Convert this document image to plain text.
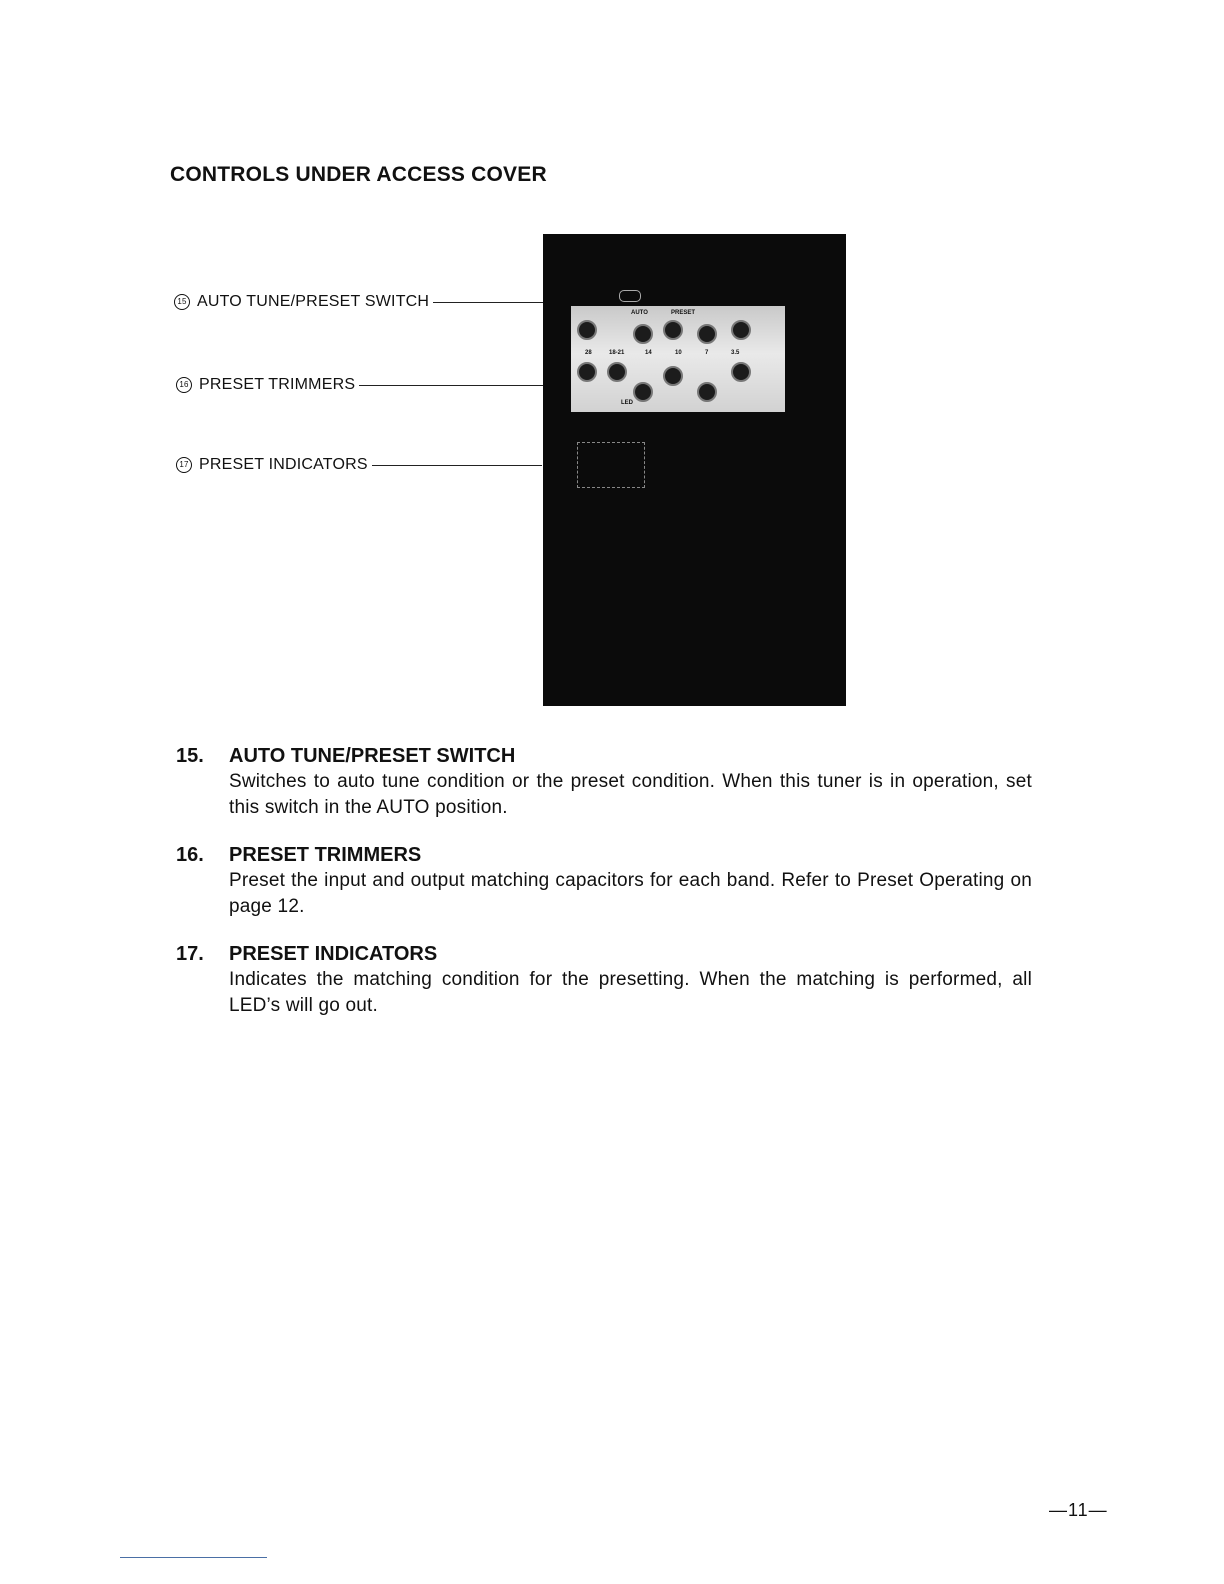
CONTROLS UNDER ACCESS COVER
15 AUTO TUNE/PRESET SWITCH
16 PRESET TRIMMERS
17 PRESET INDICATORS
AUTO	PRESET
28	18-21	14	10	7	3.5
LED
15.	AUTO TUNE/PRESET SWITCH
Switches to auto tune condition or the preset condition. When this tuner is in operation, set this switch in the AUTO position.
16.	PRESET TRIMMERS
Preset the input and output matching capacitors for each band. Refer to Preset Operating on page 12.
17.	PRESET INDICATORS
Indicates the matching condition for the presetting. When the matching is performed, all LED’s will go out.
—11—
